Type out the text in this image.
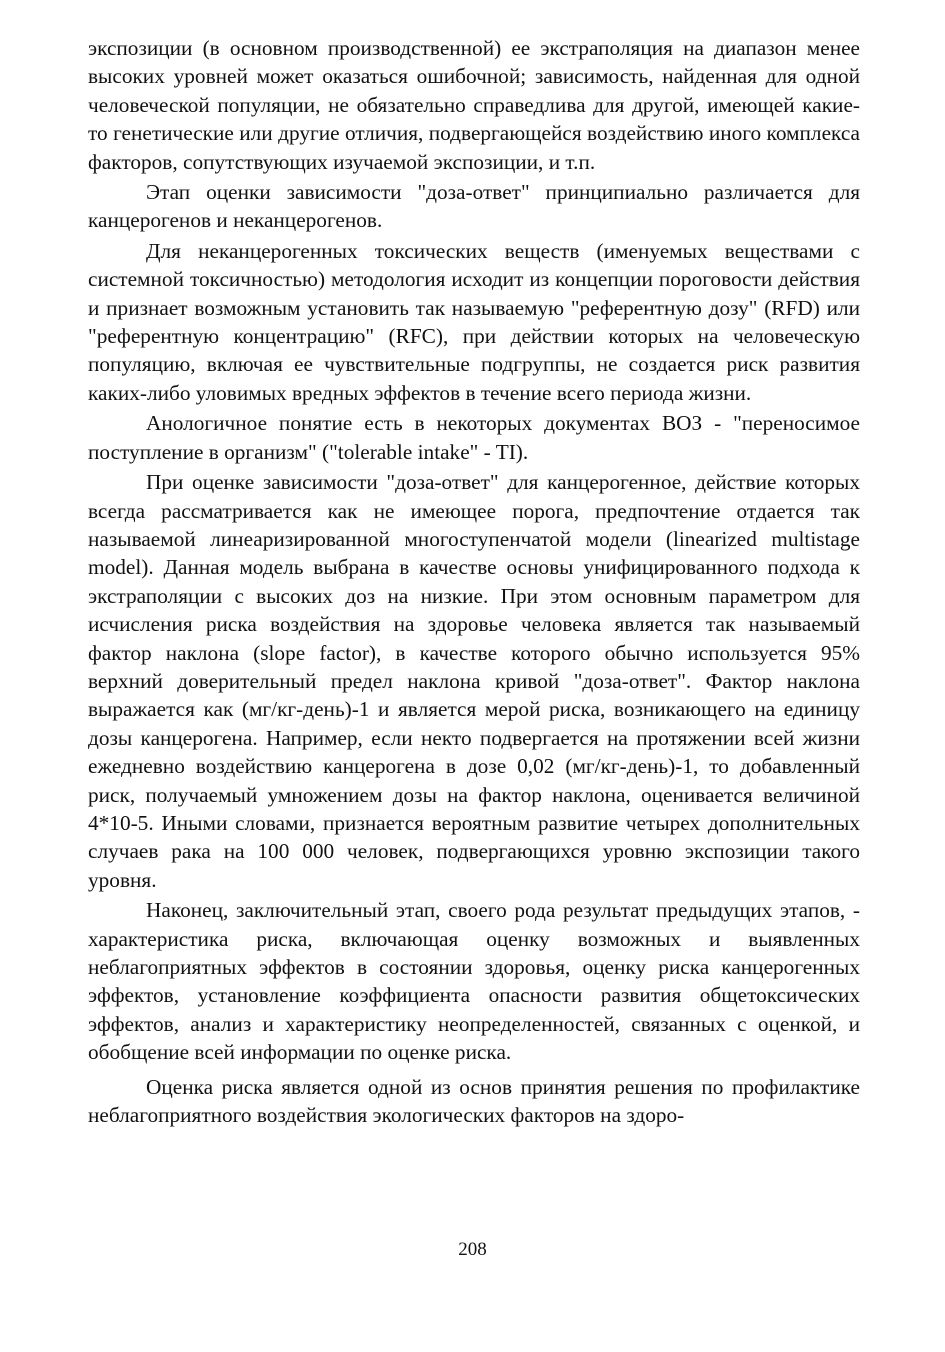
экспозиции (в основном производственной) ее экстраполяция на диапазон менее высоких уровней может оказаться ошибочной; зависимость, найденная для одной человеческой популяции, не обязательно справедлива для другой, имеющей какие-то генетические или другие отличия, подвергающейся воздействию иного комплекса факторов, сопутствующих изучаемой экспозиции, и т.п.

Этап оценки зависимости "доза-ответ" принципиально различается для канцерогенов и неканцерогенов.

Для неканцерогенных токсических веществ (именуемых веществами с системной токсичностью) методология исходит из концепции пороговости действия и признает возможным установить так называемую "референтную дозу" (RFD) или "референтную концентрацию" (RFC), при действии которых на человеческую популяцию, включая ее чувствительные подгруппы, не создается риск развития каких-либо уловимых вредных эффектов в течение всего периода жизни.

Анологичное понятие есть в некоторых документах ВОЗ - "переносимое поступление в организм" ("tolerable intake" - TI).

При оценке зависимости "доза-ответ" для канцерогенное, действие которых всегда рассматривается как не имеющее порога, предпочтение отдается так называемой линеаризированной многоступенчатой модели (linearized multistage model). Данная модель выбрана в качестве основы унифицированного подхода к экстраполяции с высоких доз на низкие. При этом основным параметром для исчисления риска воздействия на здоровье человека является так называемый фактор наклона (slope factor), в качестве которого обычно используется 95% верхний доверительный предел наклона кривой "доза-ответ". Фактор наклона выражается как (мг/кг-день)-1 и является мерой риска, возникающего на единицу дозы канцерогена. Например, если некто подвергается на протяжении всей жизни ежедневно воздействию канцерогена в дозе 0,02 (мг/кг-день)-1, то добавленный риск, получаемый умножением дозы на фактор наклона, оценивается величиной 4*10-5. Иными словами, признается вероятным развитие четырех дополнительных случаев рака на 100 000 человек, подвергающихся уровню экспозиции такого уровня.

Наконец, заключительный этап, своего рода результат предыдущих этапов, - характеристика риска, включающая оценку возможных и выявленных неблагоприятных эффектов в состоянии здоровья, оценку риска канцерогенных эффектов, установление коэффициента опасности развития общетоксических эффектов, анализ и характеристику неопределенностей, связанных с оценкой, и обобщение всей информации по оценке риска.

Оценка риска является одной из основ принятия решения по профилактике неблагоприятного воздействия экологических факторов на здоро-

208
